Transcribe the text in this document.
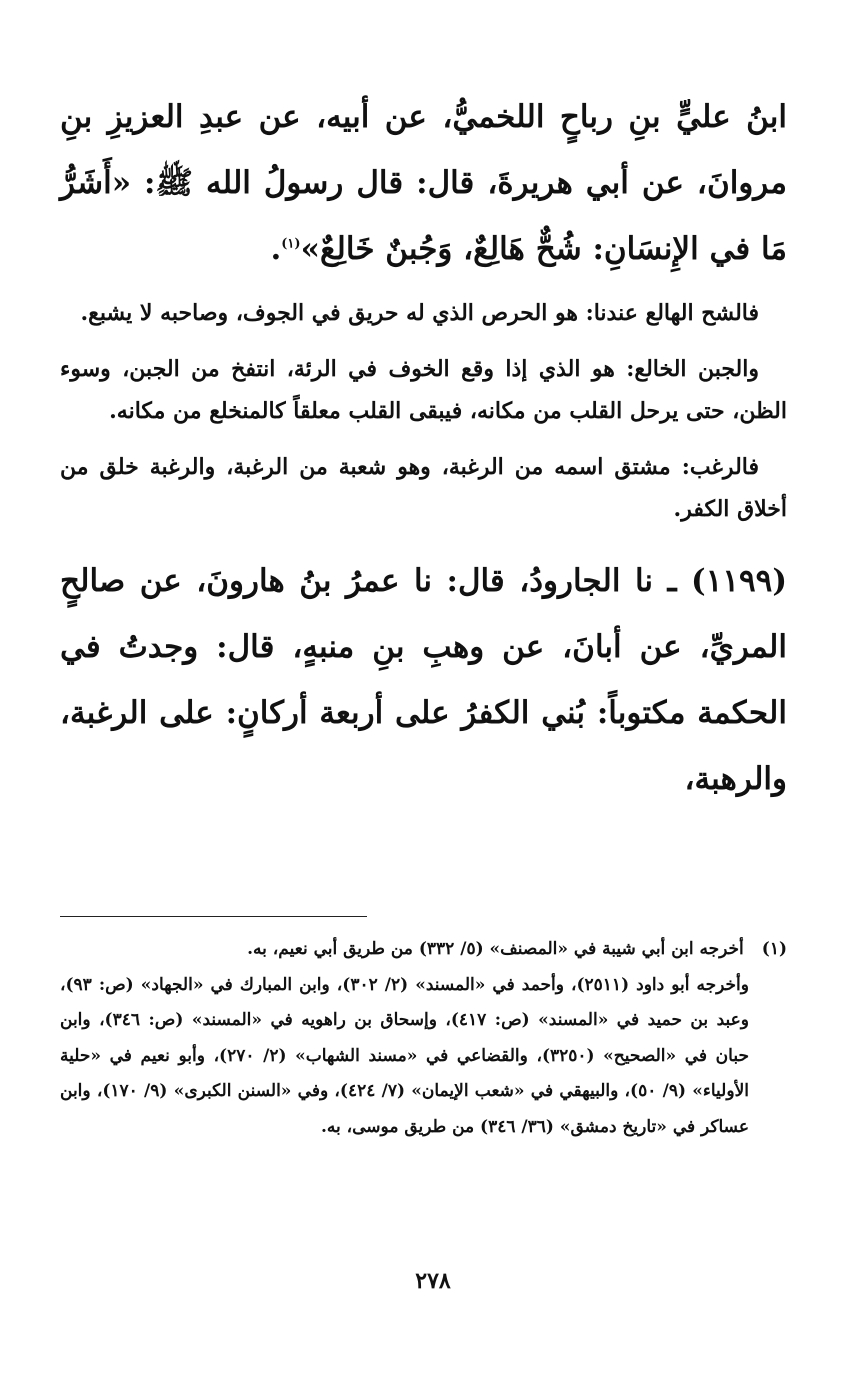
ابنُ عليٍّ بنِ رباحٍ اللخميُّ، عن أبيه، عن عبدِ العزيزِ بنِ مروانَ، عن أبي هريرةَ، قال: قال رسولُ الله ﷺ: «أَشَرُّ مَا في الإِنسَانِ: شُحٌّ هَالِعٌ، وَجُبنٌ خَالِعٌ»$^{(١)}$.

فالشح الهالع عندنا: هو الحرص الذي له حريق في الجوف، وصاحبه لا يشبع.

والجبن الخالع: هو الذي إذا وقع الخوف في الرئة، انتفخ من الجبن، وسوء الظن، حتى يرحل القلب من مكانه، فيبقى القلب معلقاً كالمنخلع من مكانه.

فالرغب: مشتق اسمه من الرغبة، وهو شعبة من الرغبة، والرغبة خلق من أخلاق الكفر.

(١١٩٩) ـ نا الجارودُ، قال: نا عمرُ بنُ هارونَ، عن صالحٍ المريِّ، عن أبانَ، عن وهبِ بنِ منبهٍ، قال: وجدتُ في الحكمة مكتوباً: بُني الكفرُ على أربعة أركانٍ: على الرغبة، والرهبة،

(١)أخرجه ابن أبي شيبة في «المصنف» (٥/ ٣٣٢) من طريق أبي نعيم، به.

وأخرجه أبو داود (٢٥١١)، وأحمد في «المسند» (٢/ ٣٠٢)، وابن المبارك في «الجهاد» (ص: ٩٣)، وعبد بن حميد في «المسند» (ص: ٤١٧)، وإسحاق بن راهويه في «المسند» (ص: ٣٤٦)، وابن حبان في «الصحيح» (٣٢٥٠)، والقضاعي في «مسند الشهاب» (٢/ ٢٧٠)، وأبو نعيم في «حلية الأولياء» (٩/ ٥٠)، والبيهقي في «شعب الإيمان» (٧/ ٤٢٤)، وفي «السنن الكبرى» (٩/ ١٧٠)، وابن عساكر في «تاريخ دمشق» (٣٦/ ٣٤٦) من طريق موسى، به.

٢٧٨
